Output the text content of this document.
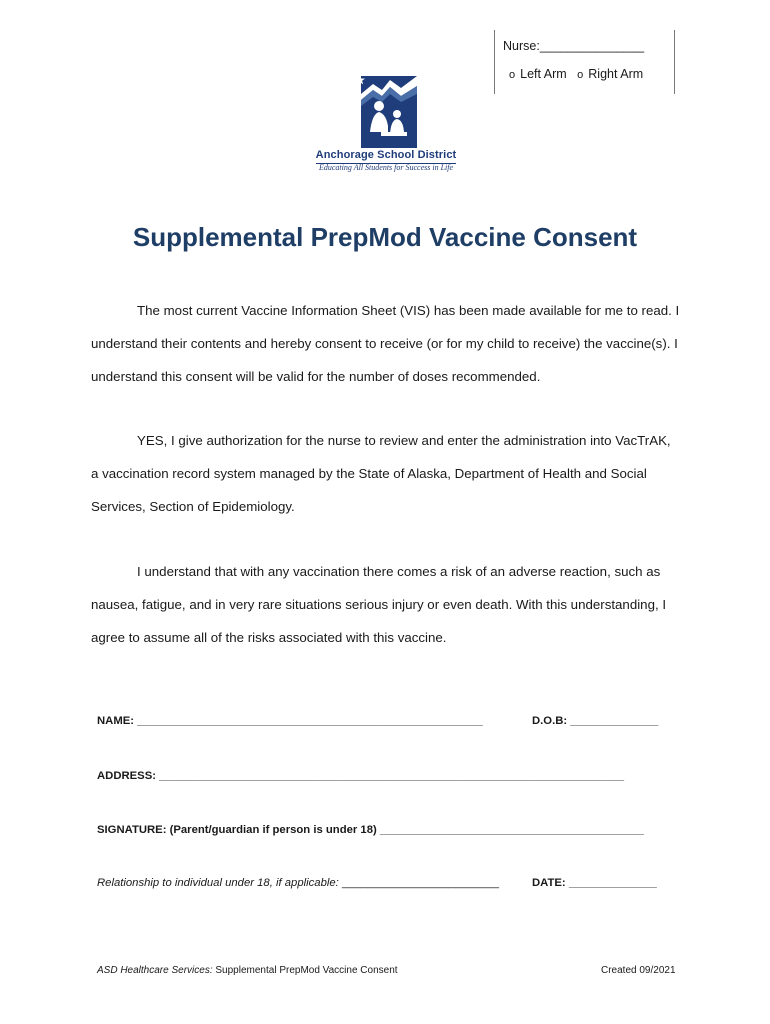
Nurse:_______________
o Left Arm o Right Arm
Anchorage School District
Educating All Students for Success in Life
Supplemental PrepMod Vaccine Consent
The most current Vaccine Information Sheet (VIS) has been made available for me to read. I understand their contents and hereby consent to receive (or for my child to receive) the vaccine(s). I understand this consent will be valid for the number of doses recommended.
YES, I give authorization for the nurse to review and enter the administration into VacTrAK, a vaccination record system managed by the State of Alaska, Department of Health and Social Services, Section of Epidemiology.
I understand that with any vaccination there comes a risk of an adverse reaction, such as nausea, fatigue, and in very rare situations serious injury or even death. With this understanding, I agree to assume all of the risks associated with this vaccine.
NAME: _______________________________________________________	D.O.B: ______________
ADDRESS: __________________________________________________________________________
SIGNATURE: (Parent/guardian if person is under 18) __________________________________________
Relationship to individual under 18, if applicable: _________________________	DATE: ______________
ASD Healthcare Services: Supplemental PrepMod Vaccine Consent	Created 09/2021
